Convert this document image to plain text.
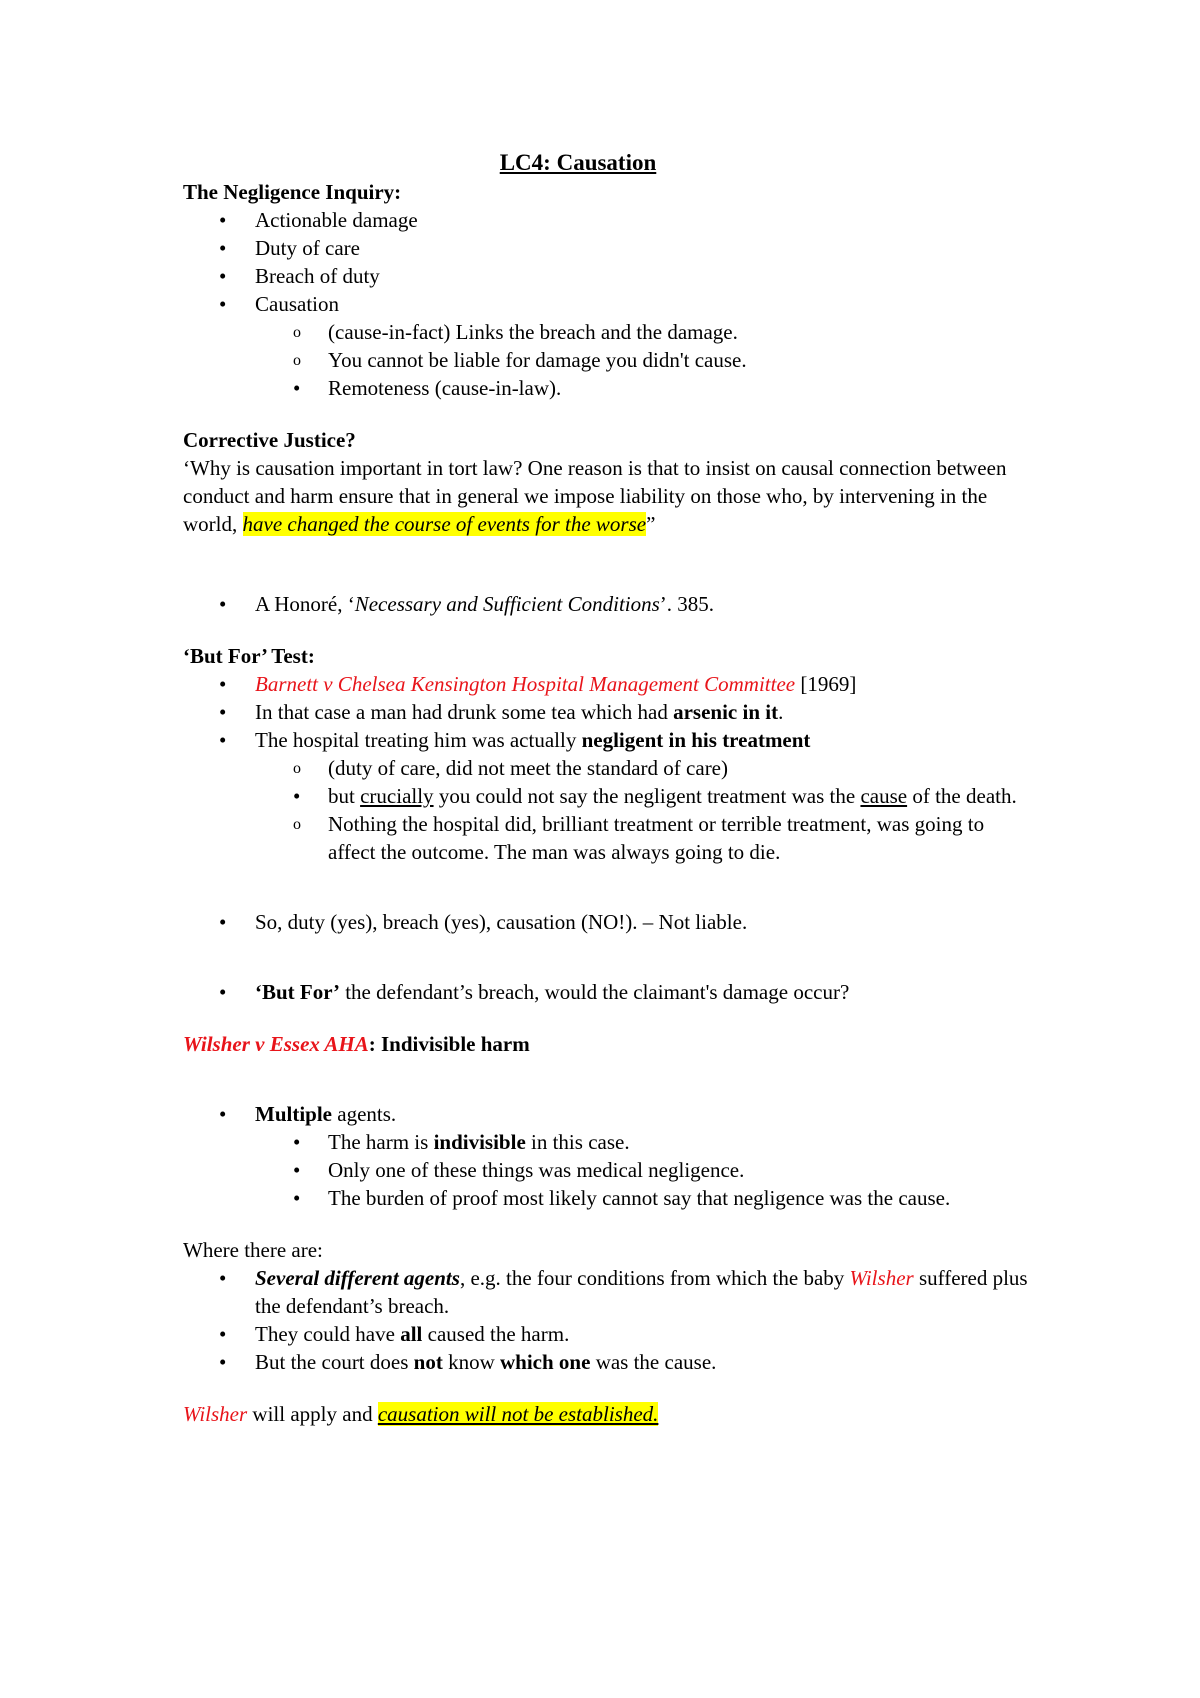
LC4: Causation

The Negligence Inquiry:

• Actionable damage
• Duty of care
• Breach of duty
• Causation
o (cause-in-fact) Links the breach and the damage.
o You cannot be liable for damage you didn't cause.
• Remoteness (cause-in-law).

Corrective Justice?

‘Why is causation important in tort law? One reason is that to insist on causal connection between conduct and harm ensure that in general we impose liability on those who, by intervening in the world, have changed the course of events for the worse”

• A Honoré, ‘Necessary and Sufficient Conditions’. 385.

‘But For’ Test:

• Barnett v Chelsea Kensington Hospital Management Committee [1969]
• In that case a man had drunk some tea which had arsenic in it.
• The hospital treating him was actually negligent in his treatment
o (duty of care, did not meet the standard of care)
• but crucially you could not say the negligent treatment was the cause of the death.
o Nothing the hospital did, brilliant treatment or terrible treatment, was going to affect the outcome. The man was always going to die.
• So, duty (yes), breach (yes), causation (NO!). – Not liable.
• ‘But For’ the defendant’s breach, would the claimant's damage occur?

Wilsher v Essex AHA: Indivisible harm

• Multiple agents.
• The harm is indivisible in this case.
• Only one of these things was medical negligence.
• The burden of proof most likely cannot say that negligence was the cause.

Where there are:

• Several different agents, e.g. the four conditions from which the baby Wilsher suffered plus the defendant’s breach.
• They could have all caused the harm.
• But the court does not know which one was the cause.

Wilsher will apply and causation will not be established.
